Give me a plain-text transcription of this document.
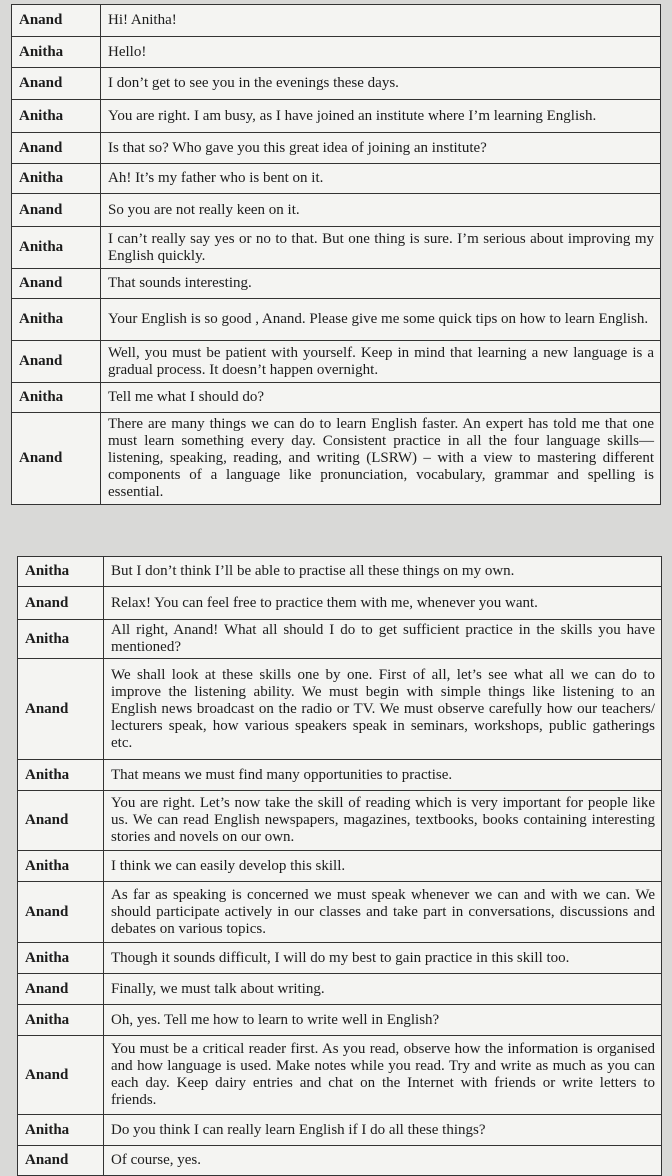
Anand	Hi! Anitha!
Anitha	Hello!
Anand	I don’t get to see you in the evenings these days.
Anitha	You are right. I am busy, as I have joined an institute where I’m learning English.
Anand	Is that so? Who gave you this great idea of joining an institute?
Anitha	Ah! It’s my father who is bent on it.
Anand	So you are not really keen on it.
Anitha	I can’t really say yes or no to that. But one thing is sure. I’m serious about improving my English quickly.
Anand	That sounds interesting.
Anitha	Your English is so good , Anand. Please give me some quick tips on how to learn English.
Anand	Well, you must be patient with yourself. Keep in mind that learning a new language is a gradual process. It doesn’t happen overnight.
Anitha	Tell me what I should do?
Anand	There are many things we can do to learn English faster. An expert has told me that one must learn something every day. Consistent practice in all the four language skills—listening, speaking, reading, and writing (LSRW) – with a view to mastering different components of a language like pronunciation, vocabulary, grammar and spelling is essential.
Anitha	But I don’t think I’ll be able to practise all these things on my own.
Anand	Relax! You can feel free to practice them with me, whenever you want.
Anitha	All right, Anand! What all should I do to get sufficient practice in the skills you have mentioned?
Anand	We shall look at these skills one by one. First of all, let’s see what all we can do to improve the listening ability. We must begin with simple things like listening to an English news broadcast on the radio or TV. We must observe carefully how our teachers/ lecturers speak, how various speakers speak in seminars, workshops, public gatherings etc.
Anitha	That means we must find many opportunities to practise.
Anand	You are right. Let’s now take the skill of reading which is very important for people like us. We can read English newspapers, magazines, textbooks, books containing interesting stories and novels on our own.
Anitha	I think we can easily develop this skill.
Anand	As far as speaking is concerned we must speak whenever we can and with we can. We should participate actively in our classes and take part in conversations, discussions and debates on various topics.
Anitha	Though it sounds difficult, I will do my best to gain practice in this skill too.
Anand	Finally, we must talk about writing.
Anitha	Oh, yes. Tell me how to learn to write well in English?
Anand	You must be a critical reader first. As you read, observe how the information is organised and how language is used. Make notes while you read. Try and write as much as you can each day. Keep dairy entries and chat on the Internet with friends or write letters to friends.
Anitha	Do you think I can really learn English if I do all these things?
Anand	Of course, yes.
